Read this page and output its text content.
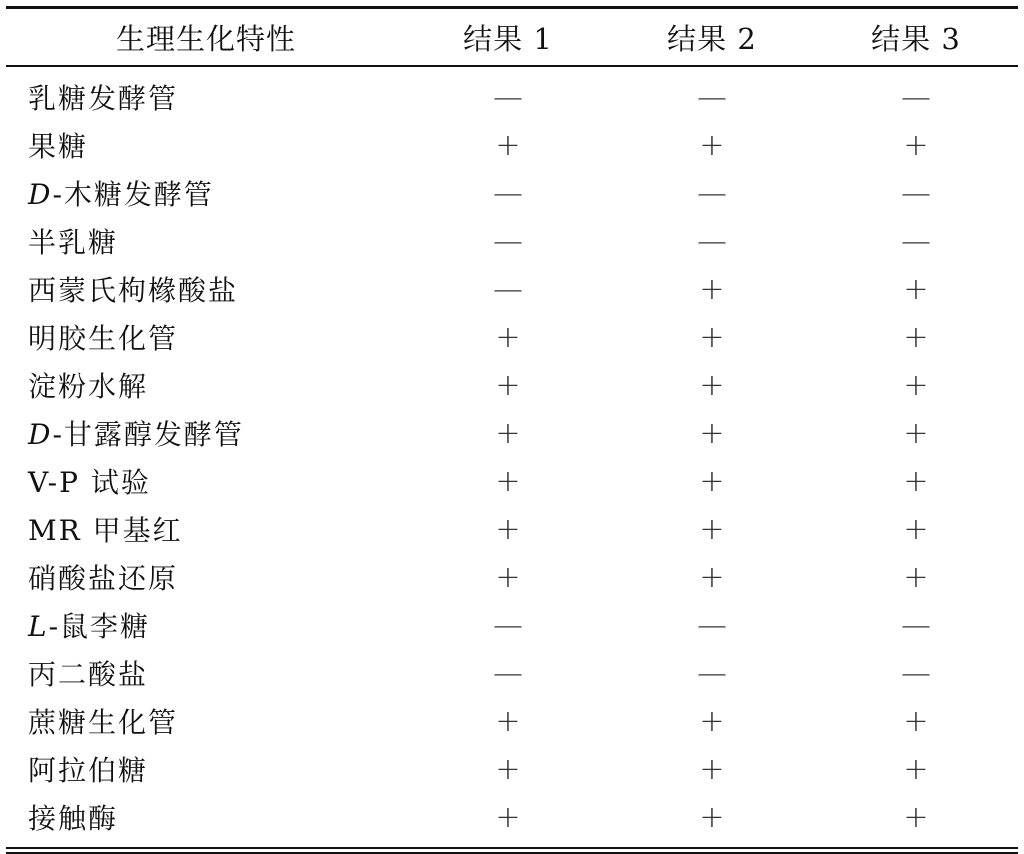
生理生化特性	结果 1	结果 2	结果 3
乳糖发酵管	—	—	—
果糖	+	+	+
D-木糖发酵管	—	—	—
半乳糖	—	—	—
西蒙氏枸橼酸盐	—	+	+
明胶生化管	+	+	+
淀粉水解	+	+	+
D-甘露醇发酵管	+	+	+
V-P 试验	+	+	+
MR 甲基红	+	+	+
硝酸盐还原	+	+	+
L-鼠李糖	—	—	—
丙二酸盐	—	—	—
蔗糖生化管	+	+	+
阿拉伯糖	+	+	+
接触酶	+	+	+
